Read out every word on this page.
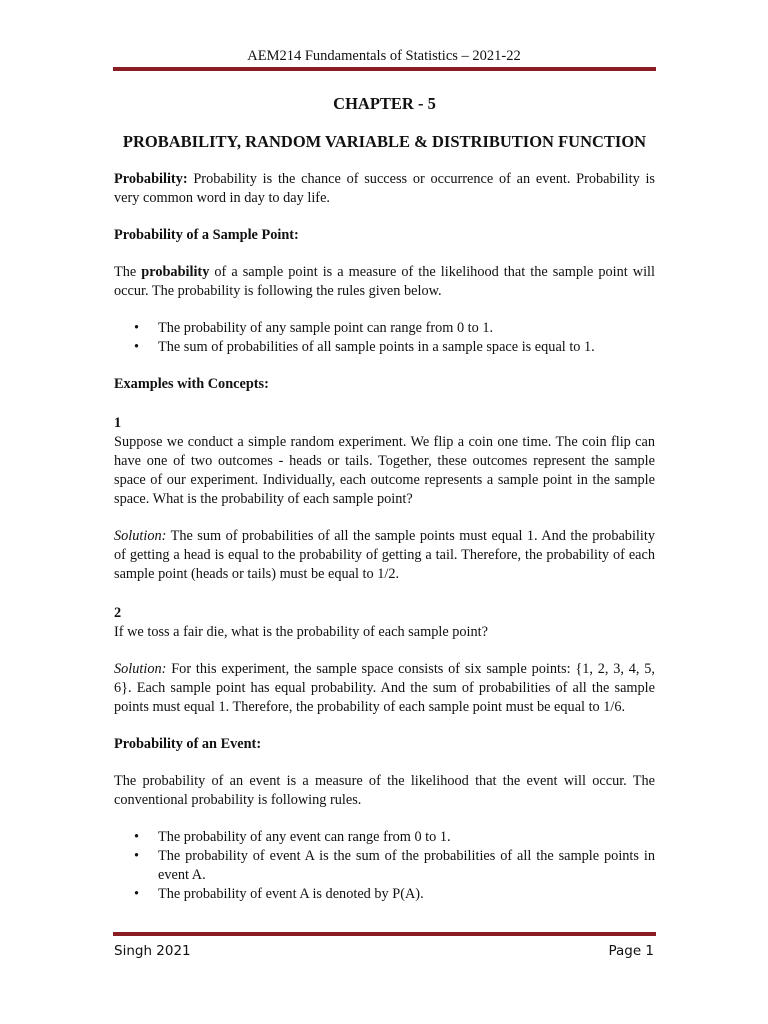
AEM214 Fundamentals of Statistics – 2021-22

CHAPTER - 5

PROBABILITY, RANDOM VARIABLE & DISTRIBUTION FUNCTION

Probability: Probability is the chance of success or occurrence of an event. Probability is very common word in day to day life.

Probability of a Sample Point:

The probability of a sample point is a measure of the likelihood that the sample point will occur. The probability is following the rules given below.

• The probability of any sample point can range from 0 to 1.
• The sum of probabilities of all sample points in a sample space is equal to 1.

Examples with Concepts:

1

Suppose we conduct a simple random experiment. We flip a coin one time. The coin flip can have one of two outcomes - heads or tails. Together, these outcomes represent the sample space of our experiment. Individually, each outcome represents a sample point in the sample space. What is the probability of each sample point?

Solution: The sum of probabilities of all the sample points must equal 1. And the probability of getting a head is equal to the probability of getting a tail. Therefore, the probability of each sample point (heads or tails) must be equal to 1/2.

2

If we toss a fair die, what is the probability of each sample point?

Solution: For this experiment, the sample space consists of six sample points: {1, 2, 3, 4, 5, 6}. Each sample point has equal probability. And the sum of probabilities of all the sample points must equal 1. Therefore, the probability of each sample point must be equal to 1/6.

Probability of an Event:

The probability of an event is a measure of the likelihood that the event will occur. The conventional probability is following rules.

• The probability of any event can range from 0 to 1.
• The probability of event A is the sum of the probabilities of all the sample points in event A.
• The probability of event A is denoted by P(A).
Singh 2021	Page 1
